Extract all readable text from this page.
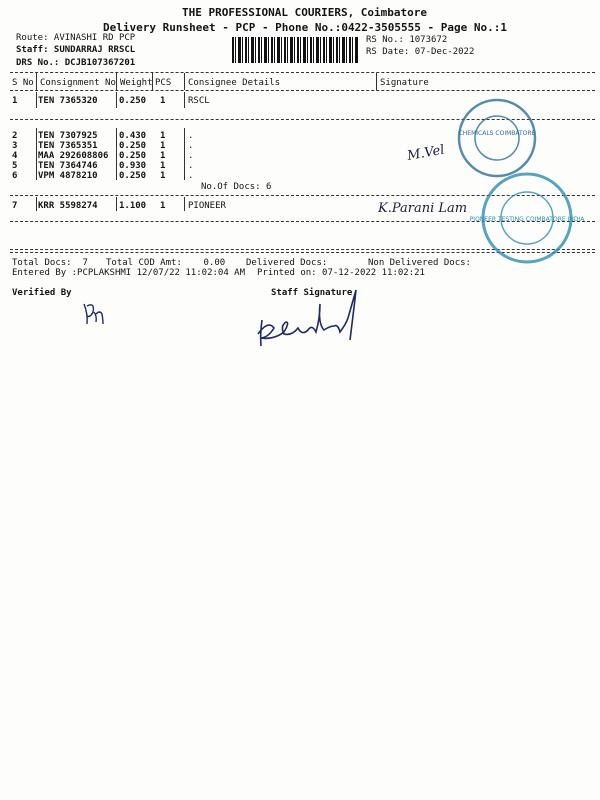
THE PROFESSIONAL COURIERS, Coimbatore
Delivery Runsheet - PCP - Phone No.:0422-3505555 - Page No.:1
Route: AVINASHI RD PCP
Staff: SUNDARRAJ RRSCL
DRS No.: DCJB107367201
RS No.: 1073672
RS Date: 07-Dec-2022
S No Consignment No Weight PCS Consignee Details	Signature
1 TEN 7365320 0.250 1	RSCL
2 TEN 7307925 0.430 1	.
3 TEN 7365351 0.250 1	.
4 MAA 292608806 0.250 1	.
5 TEN 7364746 0.930 1	.
6 VPM 4878210 0.250 1	.
No.Of Docs: 6
7 KRR 5598274 1.100 1	PIONEER
Total Docs:  7 Total COD Amt:    0.00 Delivered Docs:	Non Delivered Docs:
Entered By :PCPLAKSHMI 12/07/22 11:02:04 AM Printed on: 07-12-2022 11:02:21
Verified By	Staff Signature
CHEMICALS COIMBATORE
PIONEER TESTING COIMBATORE INDIA
M.Vel
K.Parani Lam
